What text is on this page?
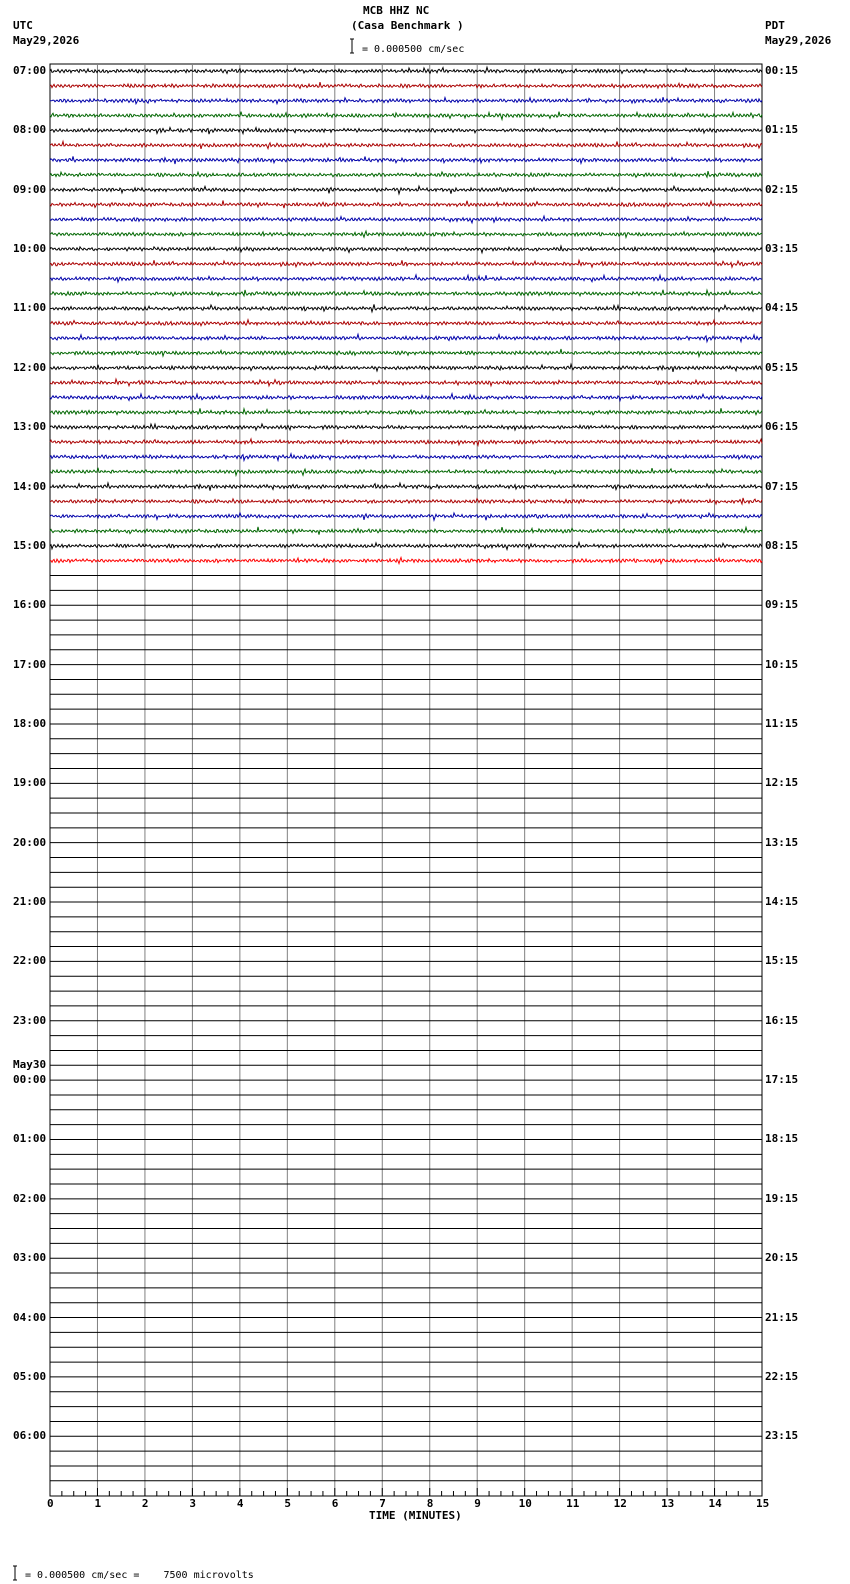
MCB HHZ NC
(Casa Benchmark )
= 0.000500 cm/sec
UTC
May29,2026
PDT
May29,2026
TIME (MINUTES)
= 0.000500 cm/sec =    7500 microvolts
07:00
08:00
09:00
10:00
11:00
12:00
13:00
14:00
15:00
16:00
17:00
18:00
19:00
20:00
21:00
22:00
23:00
00:00
May30
01:00
02:00
03:00
04:00
05:00
06:00
00:15
01:15
02:15
03:15
04:15
05:15
06:15
07:15
08:15
09:15
10:15
11:15
12:15
13:15
14:15
15:15
16:15
17:15
18:15
19:15
20:15
21:15
22:15
23:15
0	1	2	3	4	5	6	7	8	9	10	11	12	13	14	15
